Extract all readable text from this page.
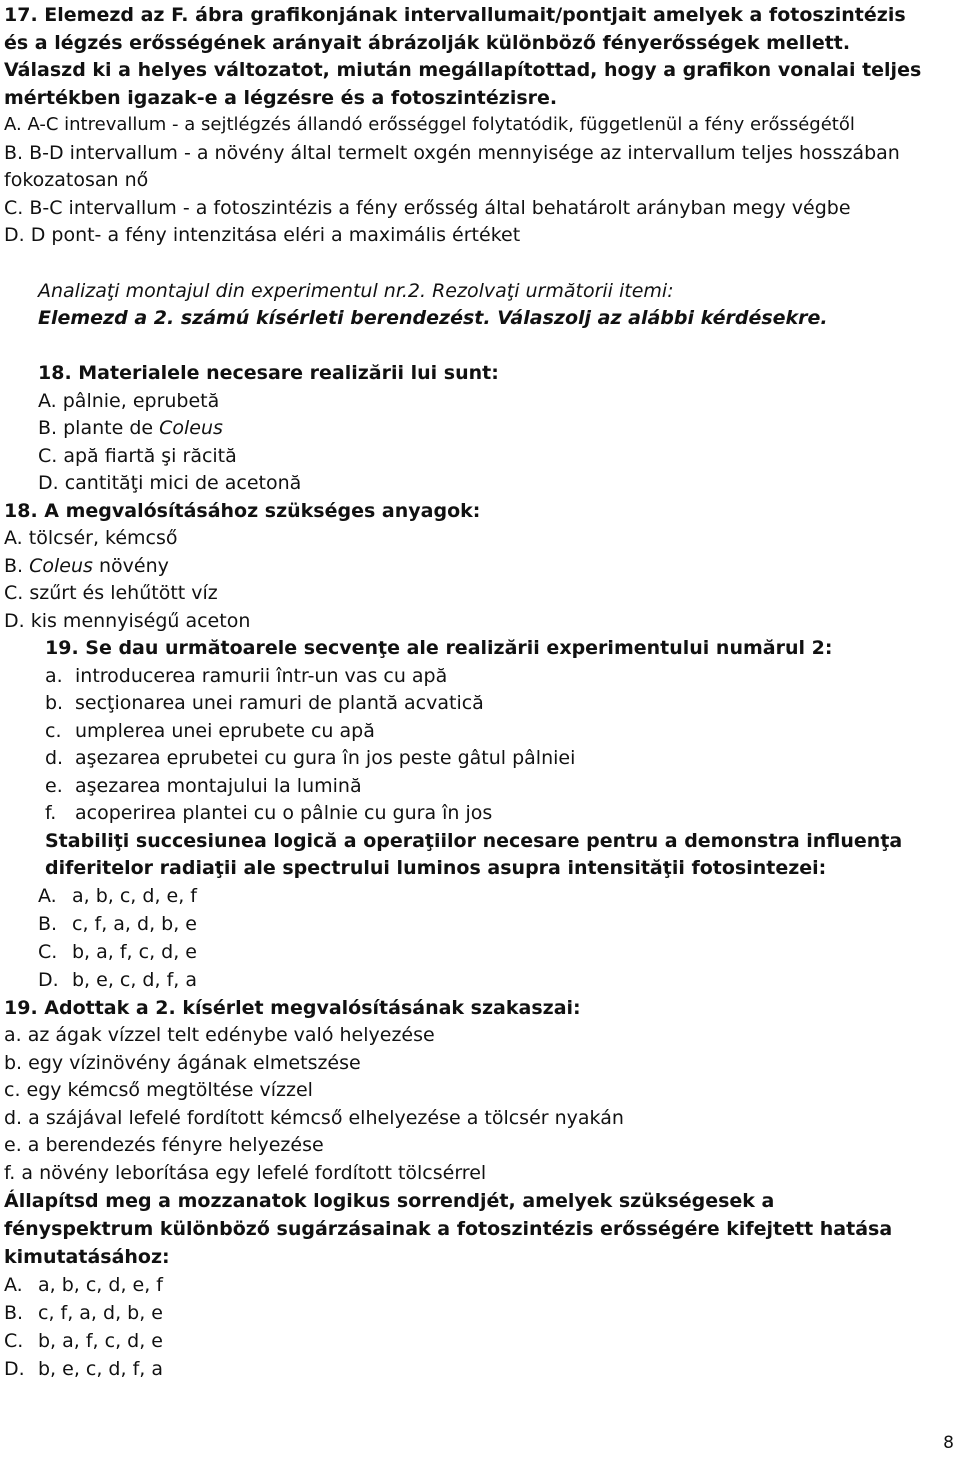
17. Elemezd az F. ábra grafikonjának intervallumait/pontjait amelyek a fotoszintézis

és a légzés erősségének arányait ábrázolják különböző fényerősségek mellett.

Válaszd ki a helyes változatot, miután megállapítottad, hogy a grafikon vonalai teljes

mértékben igazak-e a légzésre és a fotoszintézisre.

A. A-C intrevallum - a sejtlégzés állandó erősséggel folytatódik, függetlenül a fény erősségétől

B. B-D intervallum - a növény által termelt oxgén mennyisége az intervallum teljes hosszában

fokozatosan nő

C. B-C intervallum - a fotoszintézis a fény erősség által behatárolt arányban megy végbe

D. D pont- a fény intenzitása eléri a maximális értéket

Analizaţi montajul din experimentul nr.2. Rezolvaţi următorii itemi:

Elemezd a 2. számú kísérleti berendezést. Válaszolj az alábbi kérdésekre.

18. Materialele necesare realizării lui sunt:

A. pâlnie, eprubetă

B. plante de Coleus

C. apă fiartă şi răcită

D. cantităţi mici de acetonă

18. A megvalósításához szükséges anyagok:

A. tölcsér, kémcső

B. Coleus növény

C. szűrt és lehűtött víz

D. kis mennyiségű aceton

19. Se dau următoarele secvenţe ale realizării experimentului numărul 2:

a. introducerea ramurii într-un vas cu apă

b. secţionarea unei ramuri de plantă acvatică

c. umplerea unei eprubete cu apă

d. aşezarea eprubetei cu gura în jos peste gâtul pâlniei

e. aşezarea montajului la lumină

f. acoperirea plantei cu o pâlnie cu gura în jos

Stabiliţi succesiunea logică a operaţiilor necesare pentru a demonstra influenţa

diferitelor radiaţii ale spectrului luminos asupra intensităţii fotosintezei:

A. a, b, c, d, e, f

B. c, f, a, d, b, e

C. b, a, f, c, d, e

D. b, e, c, d, f, a

19. Adottak a 2. kísérlet megvalósításának szakaszai:

a. az ágak vízzel telt edénybe való helyezése

b. egy vízinövény ágának elmetszése

c. egy kémcső megtöltése vízzel

d. a szájával lefelé fordított kémcső elhelyezése a tölcsér nyakán

e. a berendezés fényre helyezése

f. a növény leborítása egy lefelé fordított tölcsérrel

Állapítsd meg a mozzanatok logikus sorrendjét, amelyek szükségesek a

fényspektrum különböző sugárzásainak a fotoszintézis erősségére kifejtett hatása

kimutatásához:

A. a, b, c, d, e, f

B. c, f, a, d, b, e

C. b, a, f, c, d, e

D. b, e, c, d, f, a

8
